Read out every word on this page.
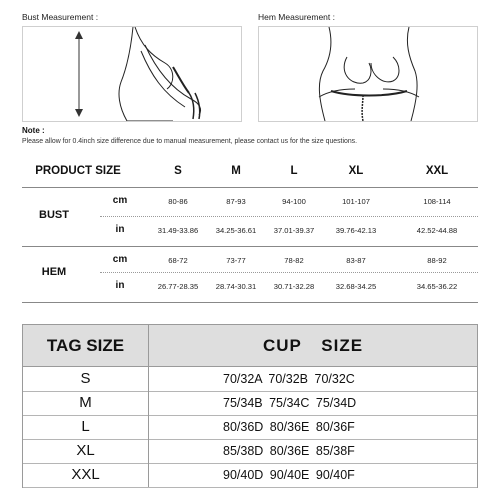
Bust Measurement :	Hem Measurement :
Note :
Please allow for 0.4inch size difference due to manual measurement, please contact us for the size questions.
PRODUCT SIZE	S	M	L	XL	XXL
BUST
cm	80-86	87-93	94-100	101-107	108-114
in	31.49-33.86	34.25-36.61	37.01-39.37	39.76-42.13	42.52-44.88
HEM
cm	68-72	73-77	78-82	83-87	88-92
in	26.77-28.35	28.74-30.31	30.71-32.28	32.68-34.25	34.65-36.22
TAG SIZE	CUP SIZE
S	70/32A 70/32B 70/32C
M	75/34B 75/34C 75/34D
L	80/36D 80/36E 80/36F
XL	85/38D 80/36E 85/38F
XXL	90/40D 90/40E 90/40F
